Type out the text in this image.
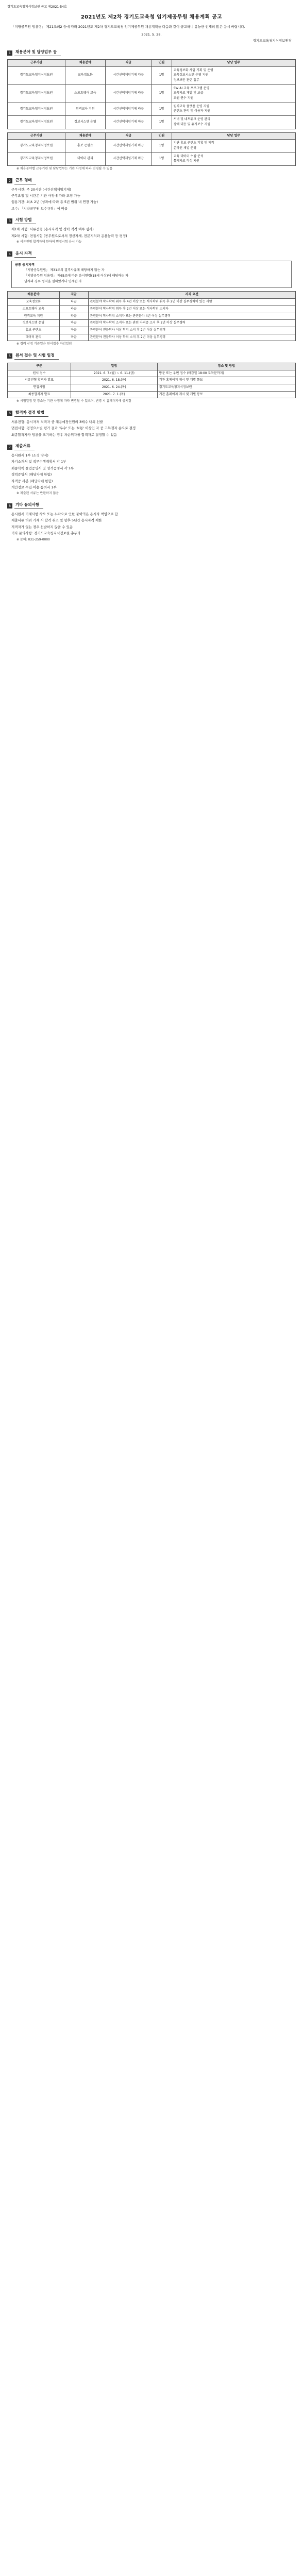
경기도교육청지식정보원 공고 제2021-54호
2021년도 제2차 경기도교육청 임기제공무원 채용계획 공고
「지방공무원 임용령」 제21조의2 등에 따라 2021년도 제2차 경기도교육청 임기제공무원 채용계획을 다음과 같이 공고하니 유능한 인재의 많은 응시 바랍니다.
2021. 5. 28.
경기도교육청지식정보원장
1	채용분야 및 담당업무 등
근무기관	채용분야	직급	인원	담당 업무
경기도교육청지식정보원	교육정보화	시간선택제임기제 다급	1명	교육정보화 사업 기획 및 운영
교육정보시스템 운영 지원
정보보안 관련 업무

경기도교육청지식정보원	소프트웨어 교육	시간선택제임기제 라급	1명	SW·AI 교육 프로그램 운영
교육자료 개발 및 보급
교원 연수 지원

경기도교육청지식정보원	원격교육 지원	시간선택제임기제 라급	1명	원격교육 플랫폼 운영 지원
콘텐츠 관리 및 이용자 지원

경기도교육청지식정보원	정보시스템 운영	시간선택제임기제 마급	1명	서버 및 네트워크 운영 관리
장애 대응 및 유지보수 지원
근무기관	채용분야	직급	인원	담당 업무
경기도교육청지식정보원	홍보 콘텐츠	시간선택제임기제 마급	1명	기관 홍보 콘텐츠 기획 및 제작
온라인 채널 운영

경기도교육청지식정보원	데이터 관리	시간선택제임기제 마급	1명	교육 데이터 수집·분석
통계자료 작성 지원
※ 채용분야별 근무기관 및 담당업무는 기관 사정에 따라 변경될 수 있음
2	근무 형태
근무시간: 주 20시간 (시간선택제임기제)
근무요일 및 시간은 기관 사정에 따라 조정 가능
임용기간: 최초 2년 (성과에 따라 총 5년 범위 내 연장 가능)
보수: 「지방공무원 보수규정」에 따름
3	시험 방법
제1차 시험: 서류전형 (응시자격 및 경력 적격 여부 심사)
제2차 시험: 면접시험 (공무원으로서의 정신자세, 전문지식과 응용능력 등 평정)
※ 서류전형 합격자에 한하여 면접시험 응시 가능
4	응시 자격
공통 응시자격
「지방공무원법」 제31조의 결격사유에 해당하지 않는 자
「지방공무원 임용령」 제65조에 따른 응시연령(18세 이상)에 해당하는 자
남자의 경우 병역을 필하였거나 면제된 자
채용분야	직급	자격 요건
교육정보화	다급	관련분야 학사학위 취득 후 4년 이상 또는 석사학위 취득 후 2년 이상 실무경력이 있는 사람
소프트웨어 교육	라급	관련분야 학사학위 취득 후 2년 이상 또는 석사학위 소지자
원격교육 지원	라급	관련분야 학사학위 소지자 또는 관련분야 4년 이상 실무경력
정보시스템 운영	마급	관련분야 학사학위 소지자 또는 관련 자격증 소지 후 2년 이상 실무경력
홍보 콘텐츠	마급	관련분야 전문학사 이상 학위 소지 후 2년 이상 실무경력
데이터 관리	마급	관련분야 전문학사 이상 학위 소지 후 2년 이상 실무경력
※ 경력 산정 기준일은 원서접수 마감일임
5	원서 접수 및 시험 일정
구분	일정	장소 및 방법
원서 접수	2021. 6. 7.(월) ~ 6. 11.(금)	방문 또는 우편 접수 (마감일 18:00 도착분까지)
서류전형 합격자 발표	2021. 6. 18.(금)	기관 홈페이지 게시 및 개별 통보
면접시험	2021. 6. 24.(목)	경기도교육청지식정보원
최종합격자 발표	2021. 7. 1.(목)	기관 홈페이지 게시 및 개별 통보
※ 시험일정 및 장소는 기관 사정에 따라 변경될 수 있으며, 변경 시 홈페이지에 공지함
6	합격자 결정 방법
서류전형: 응시자격 적격자 중 채용예정인원의 3배수 내외 선발
면접시험: 평정요소별 평가 결과 '우수' 또는 '보통' 이상인 자 중 고득점자 순으로 결정
최종합격자가 임용을 포기하는 경우 차순위자를 합격자로 결정할 수 있음
7	제출서류
응시원서 1부 (소정 양식)
자기소개서 및 직무수행계획서 각 1부
최종학력 졸업증명서 및 성적증명서 각 1부
경력증명서 (해당자에 한함)
자격증 사본 (해당자에 한함)
개인정보 수집·이용 동의서 1부
※ 제출된 서류는 반환하지 않음
8	기타 유의사항
응시원서 기재사항 착오 또는 누락으로 인한 불이익은 응시자 책임으로 함
제출서류 허위 기재 시 합격 취소 및 향후 5년간 응시자격 제한
적격자가 없는 경우 선발하지 않을 수 있음
기타 문의사항: 경기도교육청지식정보원 총무과
※ 문의: 031-259-0000
